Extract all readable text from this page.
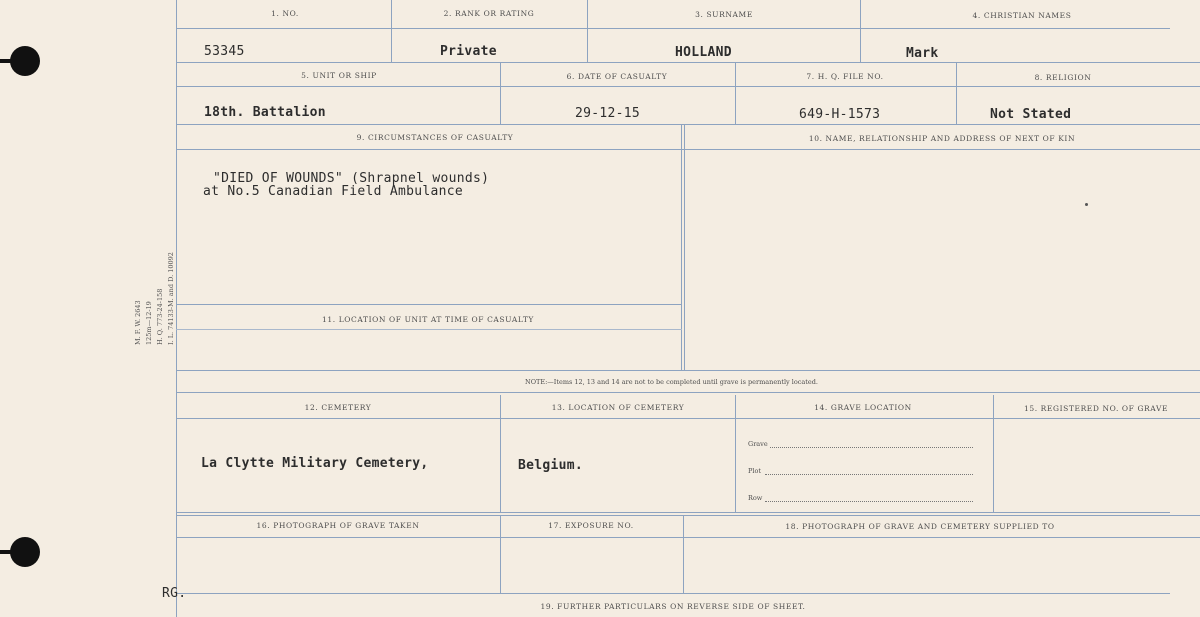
M. F. W. 2643 125m—12-19 H. Q. 773-24-158 I. L. 74133-M. and D. 10092
1. NO.	2. RANK OR RATING	3. SURNAME	4. CHRISTIAN NAMES
53345	Private	HOLLAND	Mark
5. UNIT OR SHIP	6. DATE OF CASUALTY	7. H. Q. FILE NO.	8. RELIGION
18th. Battalion	29-12-15	649-H-1573	Not Stated
9. CIRCUMSTANCES OF CASUALTY	10. NAME, RELATIONSHIP AND ADDRESS OF NEXT OF KIN
"DIED OF WOUNDS" (Shrapnel wounds)
at No.5 Canadian Field Ambulance
11. LOCATION OF UNIT AT TIME OF CASUALTY
NOTE:—Items 12, 13 and 14 are not to be completed until grave is permanently located.
12. CEMETERY	13. LOCATION OF CEMETERY	14. GRAVE LOCATION	15. REGISTERED NO. OF GRAVE
La Clytte Military Cemetery,	Belgium.
Grave
Plot
Row
16. PHOTOGRAPH OF GRAVE TAKEN	17. EXPOSURE NO.	18. PHOTOGRAPH OF GRAVE AND CEMETERY SUPPLIED TO
RG.
19. FURTHER PARTICULARS ON REVERSE SIDE OF SHEET.
